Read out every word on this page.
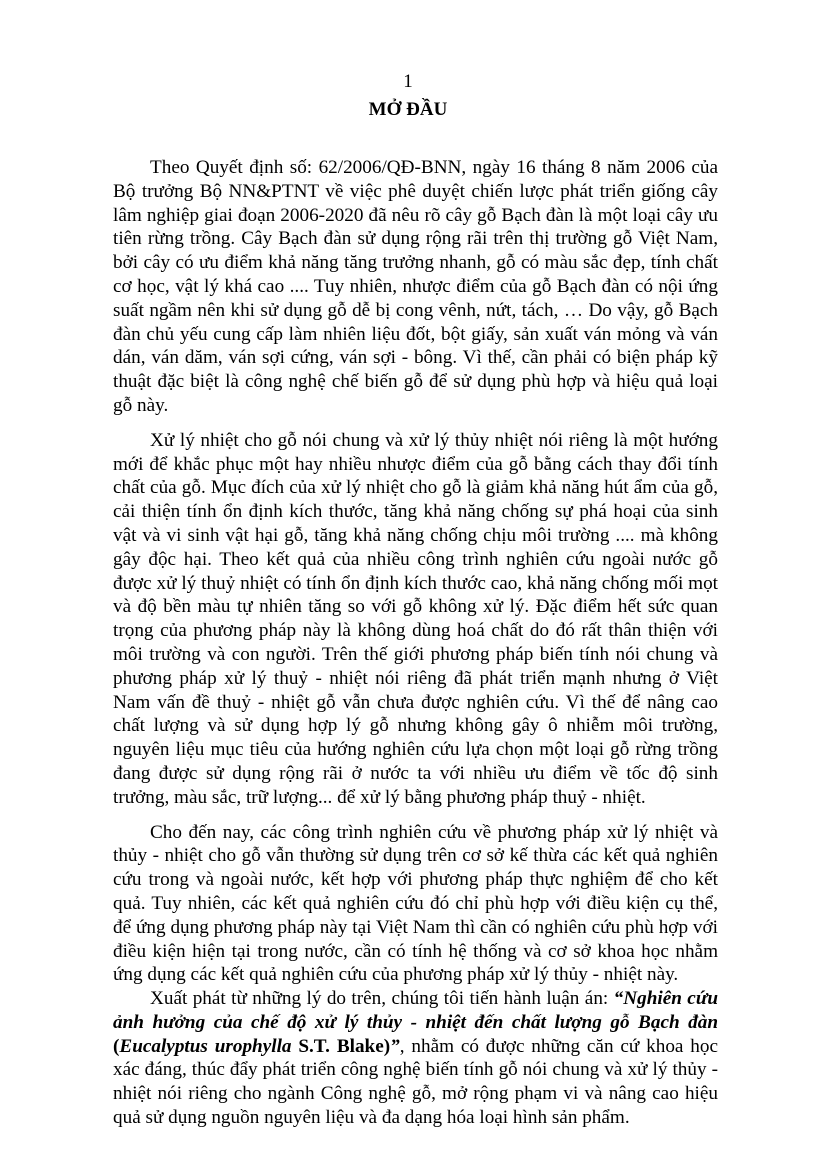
1
MỞ ĐẦU

Theo Quyết định số: 62/2006/QĐ-BNN, ngày 16 tháng 8 năm 2006 của Bộ trưởng Bộ NN&PTNT về việc phê duyệt chiến lược phát triển giống cây lâm nghiệp giai đoạn 2006-2020 đã nêu rõ cây gỗ Bạch đàn là một loại cây ưu tiên rừng trồng. Cây Bạch đàn sử dụng rộng rãi trên thị trường gỗ Việt Nam, bởi cây có ưu điểm khả năng tăng trưởng nhanh, gỗ có màu sắc đẹp, tính chất cơ học, vật lý khá cao .... Tuy nhiên, nhược điểm của gỗ Bạch đàn có nội ứng suất ngầm nên khi sử dụng gỗ dễ bị cong vênh, nứt, tách, … Do vậy, gỗ Bạch đàn chủ yếu cung cấp làm nhiên liệu đốt, bột giấy, sản xuất ván mỏng và ván dán, ván dăm, ván sợi cứng, ván sợi - bông. Vì thế, cần phải có biện pháp kỹ thuật đặc biệt là công nghệ chế biến gỗ để sử dụng phù hợp và hiệu quả loại gỗ này.

Xử lý nhiệt cho gỗ nói chung và xử lý thủy nhiệt nói riêng là một hướng mới để khắc phục một hay nhiều nhược điểm của gỗ bằng cách thay đổi tính chất của gỗ. Mục đích của xử lý nhiệt cho gỗ là giảm khả năng hút ẩm của gỗ, cải thiện tính ổn định kích thước, tăng khả năng chống sự phá hoại của sinh vật và vi sinh vật hại gỗ, tăng khả năng chống chịu môi trường .... mà không gây độc hại. Theo kết quả của nhiều công trình nghiên cứu ngoài nước gỗ được xử lý thuỷ nhiệt có tính ổn định kích thước cao, khả năng chống mối mọt và độ bền màu tự nhiên tăng so với gỗ không xử lý. Đặc điểm hết sức quan trọng của phương pháp này là không dùng hoá chất do đó rất thân thiện với môi trường và con người. Trên thế giới phương pháp biến tính nói chung và phương pháp xử lý thuỷ - nhiệt nói riêng đã phát triển mạnh nhưng ở Việt Nam vấn đề thuỷ - nhiệt gỗ vẫn chưa được nghiên cứu. Vì thế để nâng cao chất lượng và sử dụng hợp lý gỗ nhưng không gây ô nhiễm môi trường, nguyên liệu mục tiêu của hướng nghiên cứu lựa chọn một loại gỗ rừng trồng đang được sử dụng rộng rãi ở nước ta với nhiều ưu điểm về tốc độ sinh trưởng, màu sắc, trữ lượng... để xử lý bằng phương pháp thuỷ - nhiệt.

Cho đến nay, các công trình nghiên cứu về phương pháp xử lý nhiệt và thủy - nhiệt cho gỗ vẫn thường sử dụng trên cơ sở kế thừa các kết quả nghiên cứu trong và ngoài nước, kết hợp với phương pháp thực nghiệm để cho kết quả. Tuy nhiên, các kết quả nghiên cứu đó chỉ phù hợp với điều kiện cụ thể, để ứng dụng phương pháp này tại Việt Nam thì cần có nghiên cứu phù hợp với điều kiện hiện tại trong nước, cần có tính hệ thống và cơ sở khoa học nhằm ứng dụng các kết quả nghiên cứu của phương pháp xử lý thủy - nhiệt này.

Xuất phát từ những lý do trên, chúng tôi tiến hành luận án: “Nghiên cứu ảnh hưởng của chế độ xử lý thủy - nhiệt đến chất lượng gỗ Bạch đàn (Eucalyptus urophylla S.T. Blake)”, nhằm có được những căn cứ khoa học xác đáng, thúc đẩy phát triển công nghệ biến tính gỗ nói chung và xử lý thủy - nhiệt nói riêng cho ngành Công nghệ gỗ, mở rộng phạm vi và nâng cao hiệu quả sử dụng nguồn nguyên liệu và đa dạng hóa loại hình sản phẩm.
